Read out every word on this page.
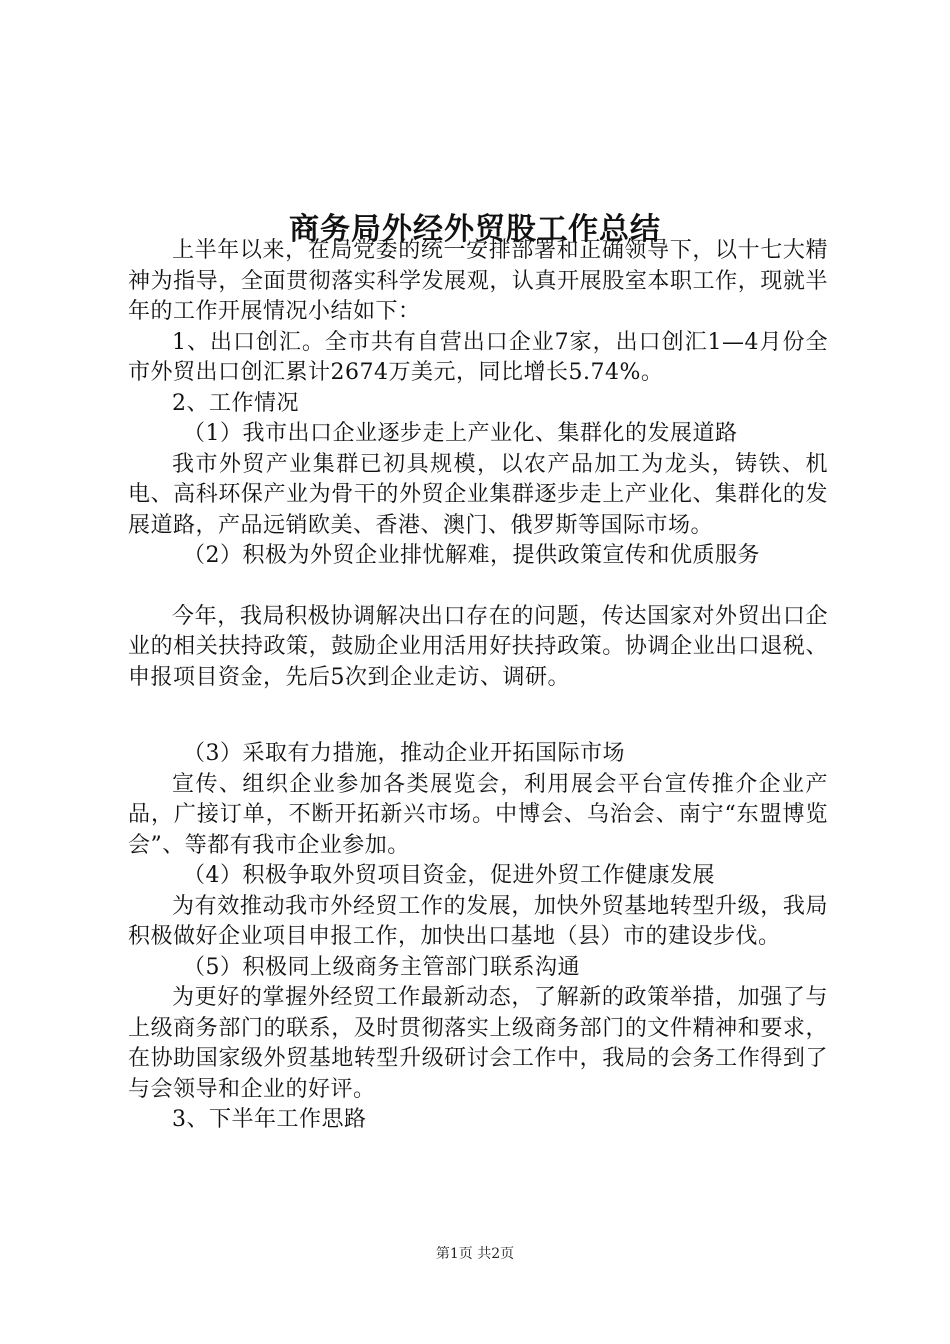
商务局外经外贸股工作总结

上半年以来，在局党委的统一安排部署和正确领导下，以十七大精神为指导，全面贯彻落实科学发展观，认真开展股室本职工作，现就半年的工作开展情况小结如下：

1、出口创汇。全市共有自营出口企业7家，出口创汇1—4月份全市外贸出口创汇累计2674万美元，同比增长5.74%。

2、工作情况

（1）我市出口企业逐步走上产业化、集群化的发展道路

我市外贸产业集群已初具规模，以农产品加工为龙头，铸铁、机电、高科环保产业为骨干的外贸企业集群逐步走上产业化、集群化的发展道路，产品远销欧美、香港、澳门、俄罗斯等国际市场。

（2）积极为外贸企业排忧解难，提供政策宣传和优质服务

今年，我局积极协调解决出口存在的问题，传达国家对外贸出口企业的相关扶持政策，鼓励企业用活用好扶持政策。协调企业出口退税、申报项目资金，先后5次到企业走访、调研。

（3）采取有力措施，推动企业开拓国际市场

宣传、组织企业参加各类展览会，利用展会平台宣传推介企业产品，广接订单，不断开拓新兴市场。中博会、乌治会、南宁“东盟博览会”、等都有我市企业参加。

（4）积极争取外贸项目资金，促进外贸工作健康发展

为有效推动我市外经贸工作的发展，加快外贸基地转型升级，我局积极做好企业项目申报工作，加快出口基地（县）市的建设步伐。

（5）积极同上级商务主管部门联系沟通

为更好的掌握外经贸工作最新动态，了解新的政策举措，加强了与上级商务部门的联系，及时贯彻落实上级商务部门的文件精神和要求，在协助国家级外贸基地转型升级研讨会工作中，我局的会务工作得到了与会领导和企业的好评。

3、下半年工作思路

第1页 共2页
